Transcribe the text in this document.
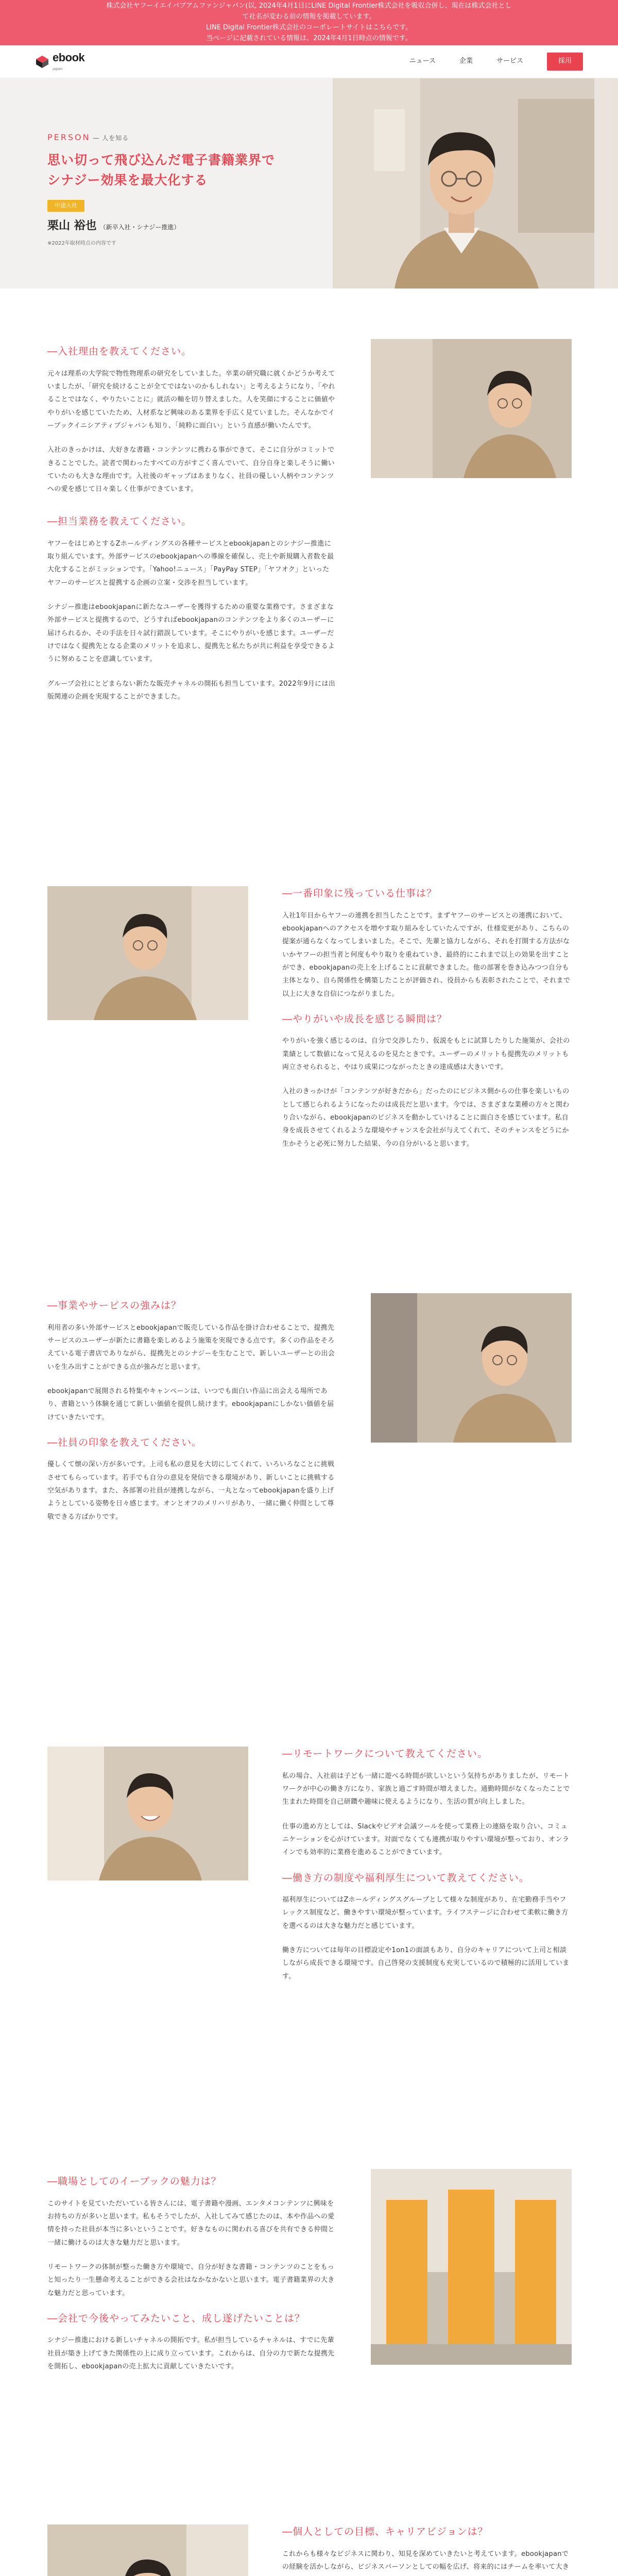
株式会社ヤフーイエイパブアムファンジャパン(以, 2024年4月1日にLINE Digital Frontier株式会社を吸収合併し、現在は株式会社として社名が変わる前の情報を掲載しています。
LINE Digital Frontier株式会社のコーポレートサイトはこちらです。
当ページに記載されている情報は、2024年4月1日時点の情報です。
ebook
japan
ニュース	企業	サービス	採用
PERSON — 人を知る
思い切って飛び込んだ電子書籍業界で
シナジー効果を最大化する
中途入社
栗山 裕也 （新卒入社・シナジー推進）
※2022年取材時点の内容です
―入社理由を教えてください。
元々は理系の大学院で物性物理系の研究をしていました。卒業の研究職に就くかどうか考えていましたが、「研究を続けることが全てではないのかもしれない」と考えるようになり、「やれることではなく、やりたいことに」就活の軸を切り替えました。人を笑顔にすることに価値ややりがいを感じていたため、人材系など興味のある業界を手広く見ていました。そんなかでイーブックイニシアティブジャパンも知り、「純粋に面白い」という直感が働いたんです。
入社のきっかけは、大好きな書籍・コンテンツに携わる事ができて、そこに自分がコミットできることでした。読者で関わったすべての方がすごく喜んでいて、自分自身と楽しそうに働いていたのも大きな理由です。入社後のギャップはあまりなく、社員の優しい人柄やコンテンツへの愛を感じて日々楽しく仕事ができています。
―担当業務を教えてください。
ヤフーをはじめとするZホールディングスの各種サービスとebookjapanとのシナジー推進に取り組んでいます。外部サービスのebookjapanへの導線を確保し、売上や新規購入者数を最大化することがミッションです。「Yahoo!ニュース」「PayPay STEP」「ヤフオク」といったヤフーのサービスと提携する企画の立案・交渉を担当しています。
シナジー推進はebookjapanに新たなユーザーを獲得するための重要な業務です。さまざまな外部サービスと提携するので、どうすればebookjapanのコンテンツをより多くのユーザーに届けられるか、その手法を日々試行錯誤しています。そこにやりがいを感じます。ユーザーだけではなく提携先となる企業のメリットを追求し、提携先と私たちが共に利益を享受できるように努めることを意識しています。
グループ会社にとどまらない新たな販売チャネルの開拓も担当しています。2022年9月には出版関連の企画を実現することができました。
―一番印象に残っている仕事は？
入社1年目からヤフーの連携を担当したことです。まずヤフーのサービスとの連携において、ebookjapanへのアクセスを増やす取り組みをしていたんですが、仕様変更があり、こちらの提案が通らなくなってしまいました。そこで、先輩と協力しながら、それを打開する方法がないかヤフーの担当者と何度もやり取りを重ねていき、最終的にこれまで以上の効果を出すことができ、ebookjapanの売上を上げることに貢献できました。他の部署を巻き込みつつ自分も主体となり、自ら関係性を構築したことが評価され、役員からも表彰されたことで、それまで以上に大きな自信につながりました。
―やりがいや成長を感じる瞬間は？
やりがいを強く感じるのは、自分で交渉したり、仮説をもとに試算したりした施策が、会社の業績として数値になって見えるのを見たときです。ユーザーのメリットも提携先のメリットも両立させられると、やはり成果につながったときの達成感は大きいです。
入社のきっかけが「コンテンツが好きだから」だったのにビジネス側からの仕事を楽しいものとして感じられるようになったのは成長だと思います。今では、さまざまな業種の方々と関わり合いながら、ebookjapanのビジネスを動かしていけることに面白さを感じています。私自身を成長させてくれるような環境やチャンスを会社が与えてくれて、そのチャンスをどうにか生かそうと必死に努力した結果、今の自分がいると思います。
―事業やサービスの強みは？
利用者の多い外部サービスとebookjapanで販売している作品を掛け合わせることで、提携先サービスのユーザーが新たに書籍を楽しめるよう施策を実現できる点です。多くの作品をそろえている電子書店でありながら、提携先とのシナジーを生むことで、新しいユーザーとの出会いを生み出すことができる点が強みだと思います。
ebookjapanで展開される特集やキャンペーンは、いつでも面白い作品に出会える場所であり、書籍という体験を通じて新しい価値を提供し続けます。ebookjapanにしかない価値を届けていきたいです。
―社員の印象を教えてください。
優しくて懐の深い方が多いです。上司も私の意見を大切にしてくれて、いろいろなことに挑戦させてもらっています。若手でも自分の意見を発信できる環境があり、新しいことに挑戦する空気があります。また、各部署の社員が連携しながら、一丸となってebookjapanを盛り上げようとしている姿勢を日々感じます。オンとオフのメリハリがあり、一緒に働く仲間として尊敬できる方ばかりです。
―リモートワークについて教えてください。
私の場合、入社前は子ども一緒に遊べる時間が欲しいという気持ちがありましたが、リモートワークが中心の働き方になり、家族と過ごす時間が増えました。通勤時間がなくなったことで生まれた時間を自己研鑽や趣味に使えるようになり、生活の質が向上しました。
仕事の進め方としては、Slackやビデオ会議ツールを使って業務上の連絡を取り合い、コミュニケーションを心がけています。対面でなくても連携が取りやすい環境が整っており、オンラインでも効率的に業務を進めることができています。
―働き方の制度や福利厚生について教えてください。
福利厚生についてはZホールディングスグループとして様々な制度があり、在宅勤務手当やフレックス制度など、働きやすい環境が整っています。ライフステージに合わせて柔軟に働き方を選べるのは大きな魅力だと感じています。
働き方については毎年の目標設定や1on1の面談もあり、自分のキャリアについて上司と相談しながら成長できる環境です。自己啓発の支援制度も充実しているので積極的に活用しています。
―職場としてのイーブックの魅力は？
このサイトを見ていただいている皆さんには、電子書籍や漫画、エンタメコンテンツに興味をお持ちの方が多いと思います。私もそうでしたが、入社してみて感じたのは、本や作品への愛情を持った社員が本当に多いということです。好きなものに関われる喜びを共有できる仲間と一緒に働けるのは大きな魅力だと思います。
リモートワークの体制が整った働き方や環境で、自分が好きな書籍・コンテンツのことをもっと知ったり一生懸命考えることができる会社はなかなかないと思います。電子書籍業界の大きな魅力だと思っています。
―会社で今後やってみたいこと、成し遂げたいことは？
シナジー推進における新しいチャネルの開拓です。私が担当しているチャネルは、すでに先輩社員が築き上げてきた関係性の上に成り立っています。これからは、自分の力で新たな提携先を開拓し、ebookjapanの売上拡大に貢献していきたいです。
―個人としての目標、キャリアビジョンは？
これからも様々なビジネスに関わり、知見を深めていきたいと考えています。ebookjapanでの経験を活かしながら、ビジネスパーソンとしての幅を広げ、将来的にはチームを率いて大き
